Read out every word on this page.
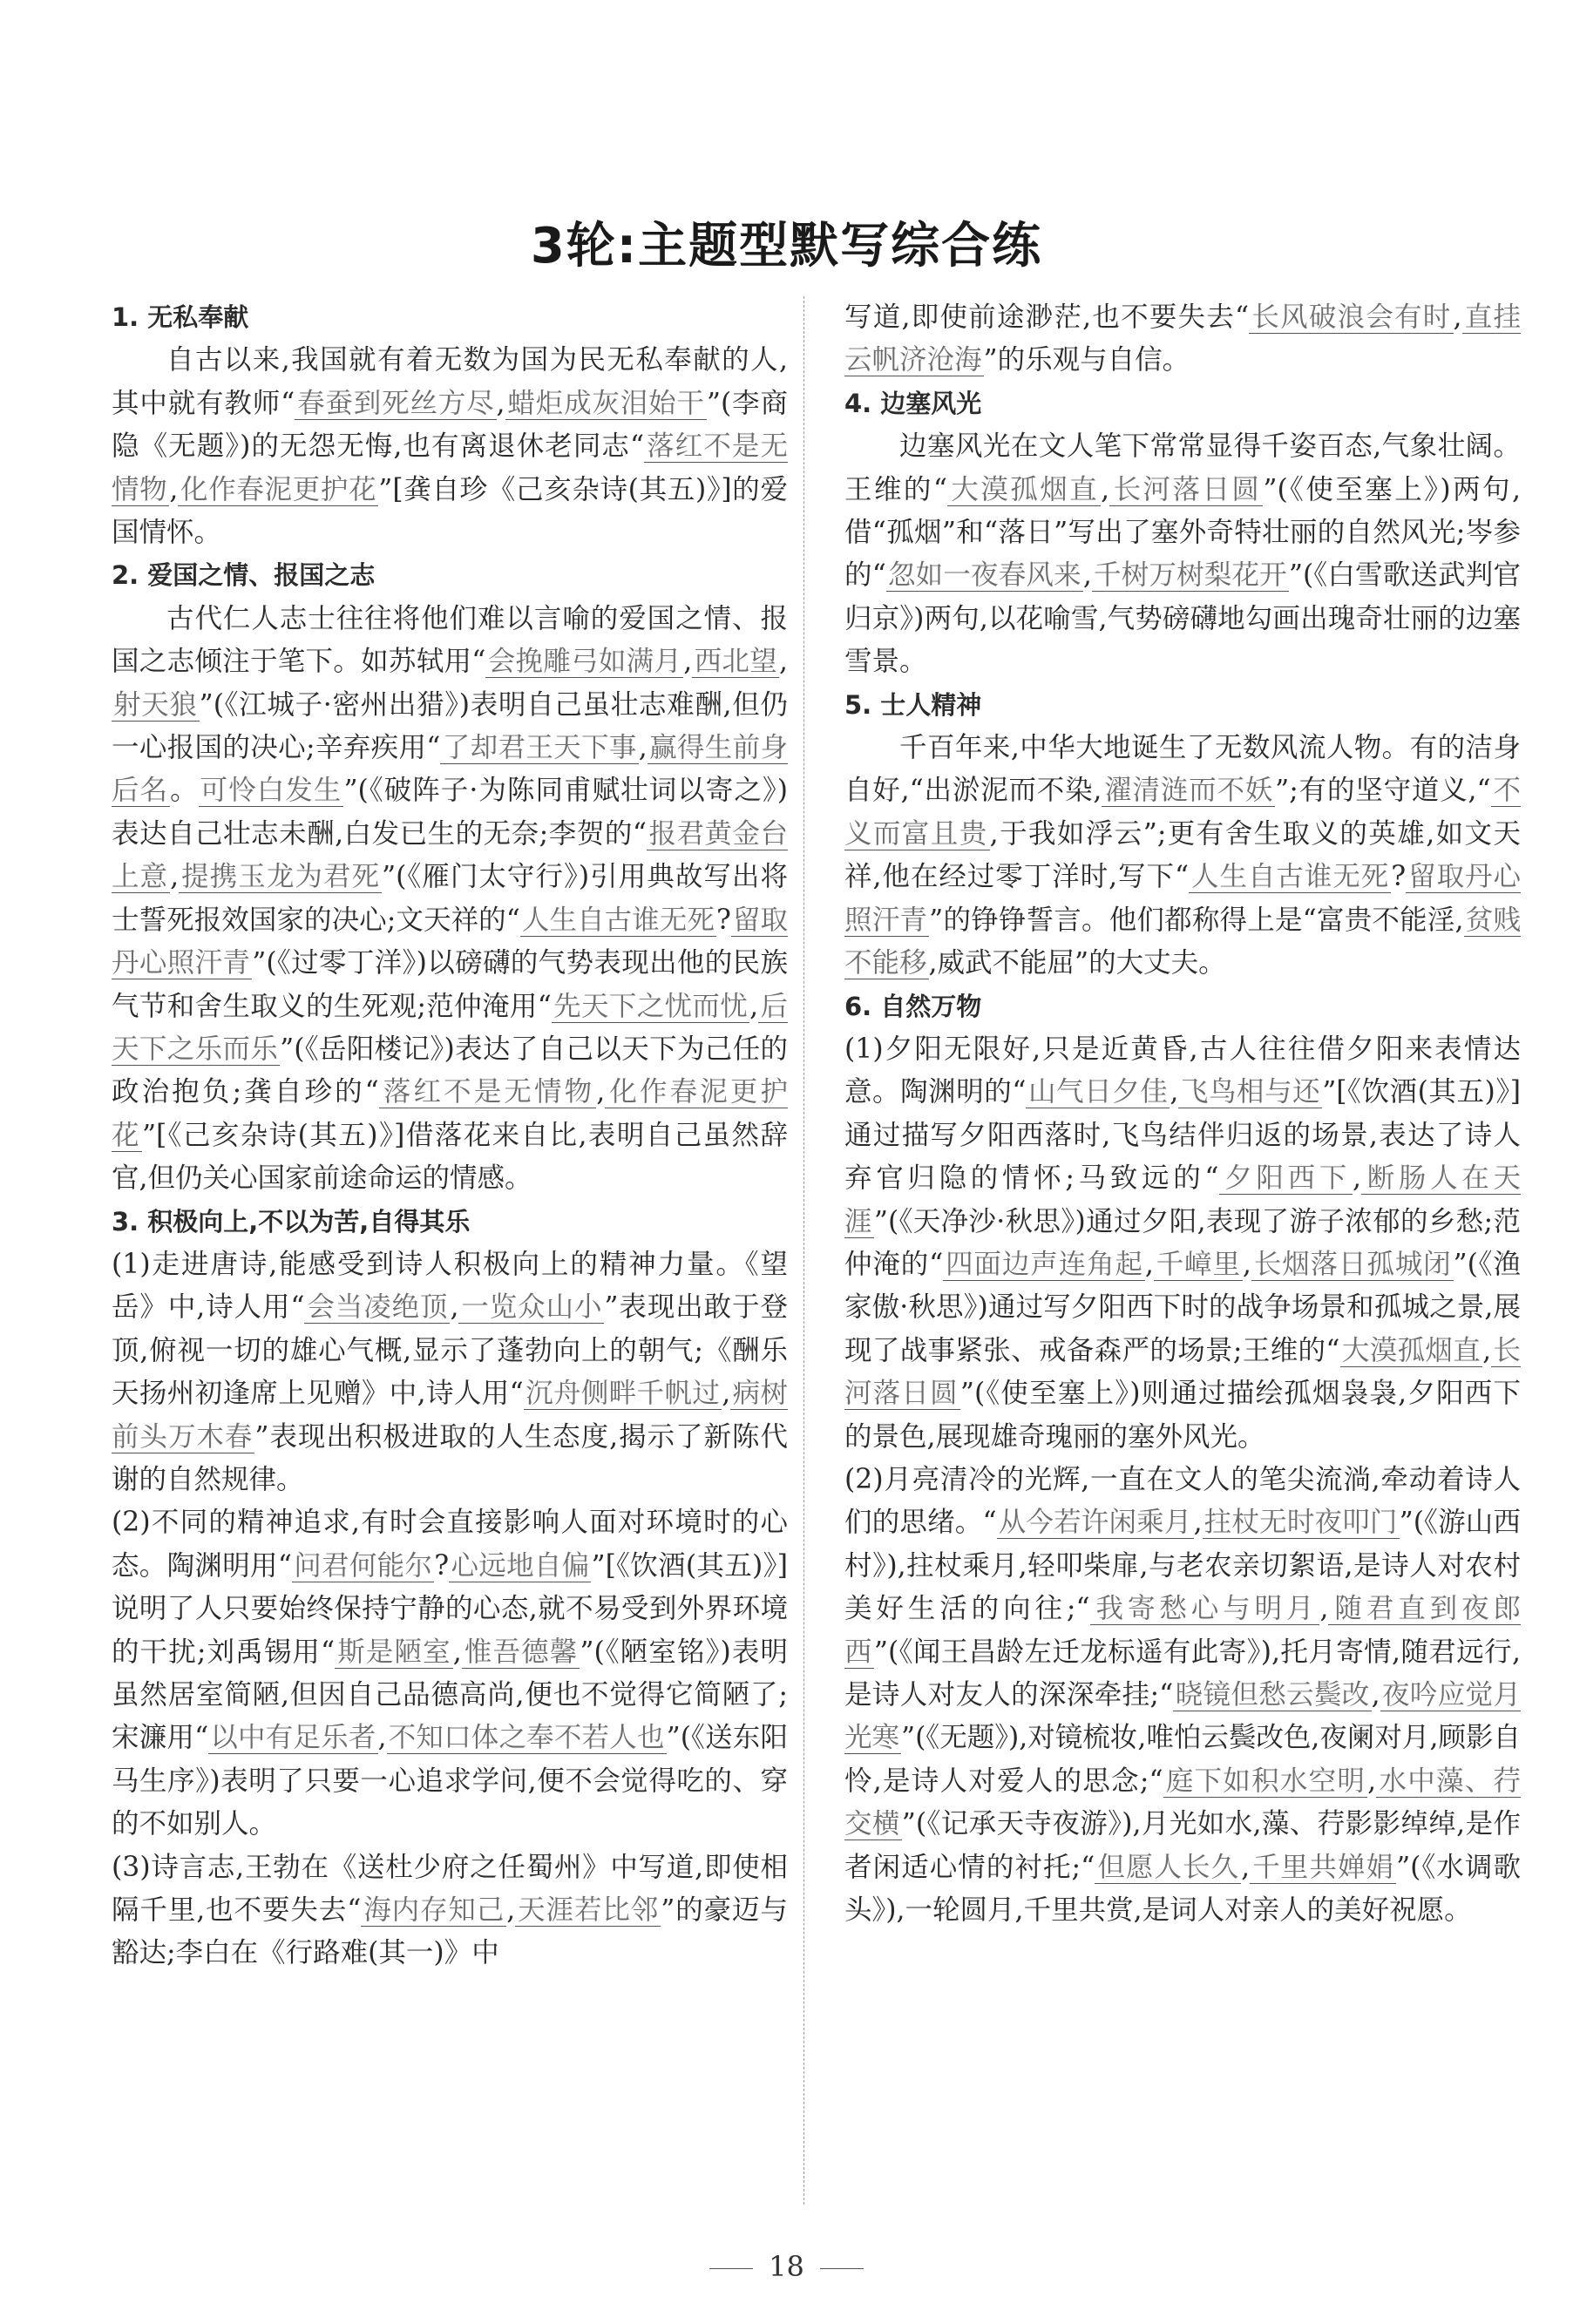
3轮:主题型默写综合练
1. 无私奉献
自古以来,我国就有着无数为国为民无私奉献的人,其中就有教师“春蚕到死丝方尽,蜡炬成灰泪始干”(李商隐《无题》)的无怨无悔,也有离退休老同志“落红不是无情物,化作春泥更护花”[龚自珍《己亥杂诗(其五)》]的爱国情怀。
2. 爱国之情、报国之志
古代仁人志士往往将他们难以言喻的爱国之情、报国之志倾注于笔下。如苏轼用“会挽雕弓如满月,西北望,射天狼”(《江城子·密州出猎》)表明自己虽壮志难酬,但仍一心报国的决心;辛弃疾用“了却君王天下事,赢得生前身后名。可怜白发生”(《破阵子·为陈同甫赋壮词以寄之》)表达自己壮志未酬,白发已生的无奈;李贺的“报君黄金台上意,提携玉龙为君死”(《雁门太守行》)引用典故写出将士誓死报效国家的决心;文天祥的“人生自古谁无死?留取丹心照汗青”(《过零丁洋》)以磅礴的气势表现出他的民族气节和舍生取义的生死观;范仲淹用“先天下之忧而忧,后天下之乐而乐”(《岳阳楼记》)表达了自己以天下为己任的政治抱负;龚自珍的“落红不是无情物,化作春泥更护花”[《己亥杂诗(其五)》]借落花来自比,表明自己虽然辞官,但仍关心国家前途命运的情感。
3. 积极向上,不以为苦,自得其乐
(1)走进唐诗,能感受到诗人积极向上的精神力量。《望岳》中,诗人用“会当凌绝顶,一览众山小”表现出敢于登顶,俯视一切的雄心气概,显示了蓬勃向上的朝气;《酬乐天扬州初逢席上见赠》中,诗人用“沉舟侧畔千帆过,病树前头万木春”表现出积极进取的人生态度,揭示了新陈代谢的自然规律。
(2)不同的精神追求,有时会直接影响人面对环境时的心态。陶渊明用“问君何能尔?心远地自偏”[《饮酒(其五)》]说明了人只要始终保持宁静的心态,就不易受到外界环境的干扰;刘禹锡用“斯是陋室,惟吾德馨”(《陋室铭》)表明虽然居室简陋,但因自己品德高尚,便也不觉得它简陋了;宋濂用“以中有足乐者,不知口体之奉不若人也”(《送东阳马生序》)表明了只要一心追求学问,便不会觉得吃的、穿的不如别人。
(3)诗言志,王勃在《送杜少府之任蜀州》中写道,即使相隔千里,也不要失去“海内存知己,天涯若比邻”的豪迈与豁达;李白在《行路难(其一)》中
写道,即使前途渺茫,也不要失去“长风破浪会有时,直挂云帆济沧海”的乐观与自信。
4. 边塞风光
边塞风光在文人笔下常常显得千姿百态,气象壮阔。王维的“大漠孤烟直,长河落日圆”(《使至塞上》)两句,借“孤烟”和“落日”写出了塞外奇特壮丽的自然风光;岑参的“忽如一夜春风来,千树万树梨花开”(《白雪歌送武判官归京》)两句,以花喻雪,气势磅礴地勾画出瑰奇壮丽的边塞雪景。
5. 士人精神
千百年来,中华大地诞生了无数风流人物。有的洁身自好,“出淤泥而不染,濯清涟而不妖”;有的坚守道义,“不义而富且贵,于我如浮云”;更有舍生取义的英雄,如文天祥,他在经过零丁洋时,写下“人生自古谁无死?留取丹心照汗青”的铮铮誓言。他们都称得上是“富贵不能淫,贫贱不能移,威武不能屈”的大丈夫。
6. 自然万物
(1)夕阳无限好,只是近黄昏,古人往往借夕阳来表情达意。陶渊明的“山气日夕佳,飞鸟相与还”[《饮酒(其五)》]通过描写夕阳西落时,飞鸟结伴归返的场景,表达了诗人弃官归隐的情怀;马致远的“夕阳西下,断肠人在天涯”(《天净沙·秋思》)通过夕阳,表现了游子浓郁的乡愁;范仲淹的“四面边声连角起,千嶂里,长烟落日孤城闭”(《渔家傲·秋思》)通过写夕阳西下时的战争场景和孤城之景,展现了战事紧张、戒备森严的场景;王维的“大漠孤烟直,长河落日圆”(《使至塞上》)则通过描绘孤烟袅袅,夕阳西下的景色,展现雄奇瑰丽的塞外风光。
(2)月亮清冷的光辉,一直在文人的笔尖流淌,牵动着诗人们的思绪。“从今若许闲乘月,拄杖无时夜叩门”(《游山西村》),拄杖乘月,轻叩柴扉,与老农亲切絮语,是诗人对农村美好生活的向往;“我寄愁心与明月,随君直到夜郎西”(《闻王昌龄左迁龙标遥有此寄》),托月寄情,随君远行,是诗人对友人的深深牵挂;“晓镜但愁云鬓改,夜吟应觉月光寒”(《无题》),对镜梳妆,唯怕云鬓改色,夜阑对月,顾影自怜,是诗人对爱人的思念;“庭下如积水空明,水中藻、荇交横”(《记承天寺夜游》),月光如水,藻、荇影影绰绰,是作者闲适心情的衬托;“但愿人长久,千里共婵娟”(《水调歌头》),一轮圆月,千里共赏,是词人对亲人的美好祝愿。
18
